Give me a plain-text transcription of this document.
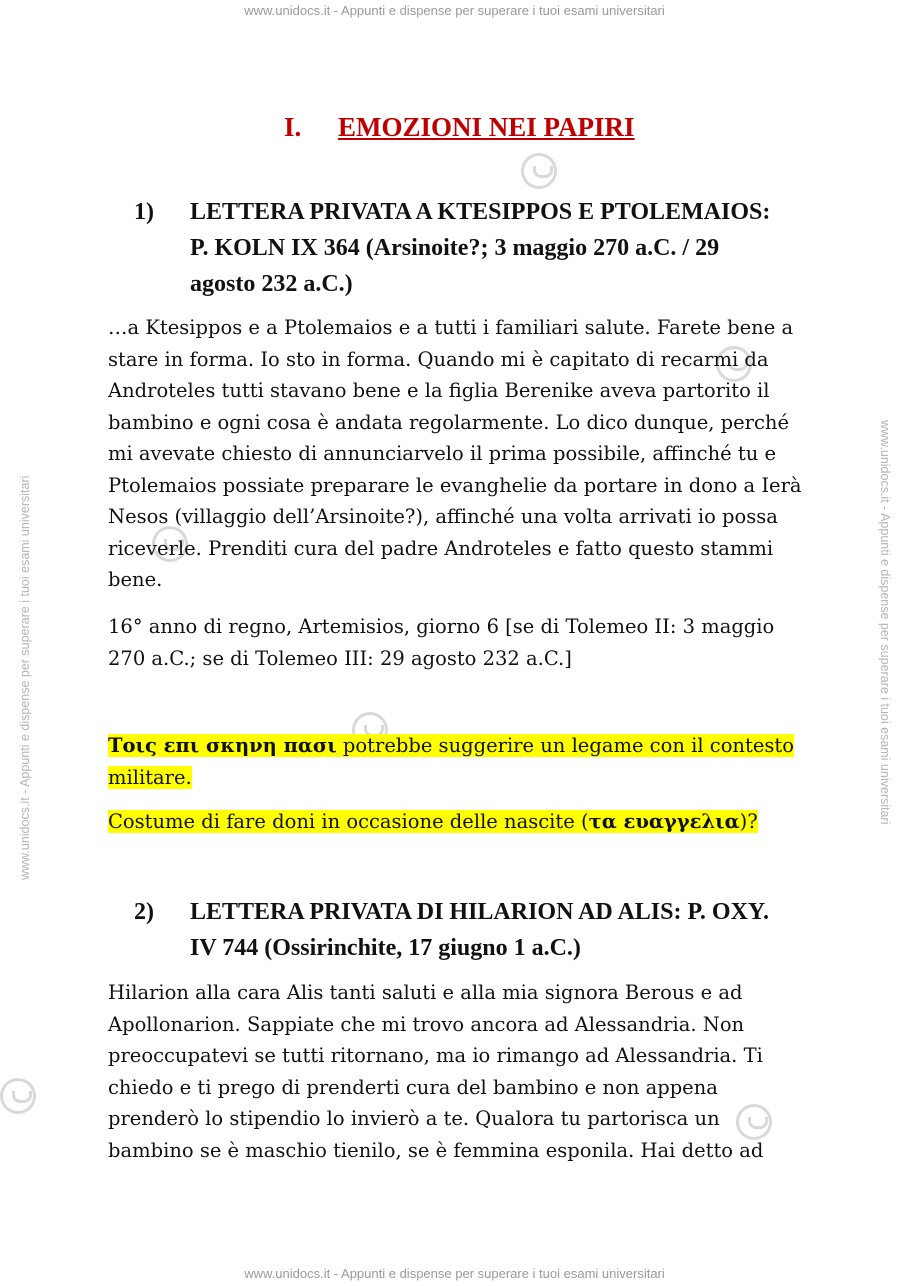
www.unidocs.it - Appunti e dispense per superare i tuoi esami universitari
www.unidocs.it - Appunti e dispense per superare i tuoi esami universitari
www.unidocs.it - Appunti e dispense per superare i tuoi esami universitari	www.unidocs.it - Appunti e dispense per superare i tuoi esami universitari
I. EMOZIONI NEI PAPIRI
1) LETTERA PRIVATA A KTESIPPOS E PTOLEMAIOS: P. KOLN IX 364 (Arsinoite?; 3 maggio 270 a.C. / 29 agosto 232 a.C.)
…a Ktesippos e a Ptolemaios e a tutti i familiari salute. Farete bene a stare in forma. Io sto in forma. Quando mi è capitato di recarmi da Androteles tutti stavano bene e la figlia Berenike aveva partorito il bambino e ogni cosa è andata regolarmente. Lo dico dunque, perché mi avevate chiesto di annunciarvelo il prima possibile, affinché tu e Ptolemaios possiate preparare le evanghelie da portare in dono a Ierà Nesos (villaggio dell’Arsinoite?), affinché una volta arrivati io possa riceverle. Prenditi cura del padre Androteles e fatto questo stammi bene.
16° anno di regno, Artemisios, giorno 6 [se di Tolemeo II: 3 maggio 270 a.C.; se di Tolemeo III: 29 agosto 232 a.C.]
Τοις επι σκηνη πασι potrebbe suggerire un legame con il contesto militare.
Costume di fare doni in occasione delle nascite (τα ευαγγελια)?
2) LETTERA PRIVATA DI HILARION AD ALIS: P. OXY. IV 744 (Ossirinchite, 17 giugno 1 a.C.)
Hilarion alla cara Alis tanti saluti e alla mia signora Berous e ad Apollonarion. Sappiate che mi trovo ancora ad Alessandria. Non preoccupatevi se tutti ritornano, ma io rimango ad Alessandria. Ti chiedo e ti prego di prenderti cura del bambino e non appena prenderò lo stipendio lo invierò a te. Qualora tu partorisca un bambino se è maschio tienilo, se è femmina esponila. Hai detto ad
